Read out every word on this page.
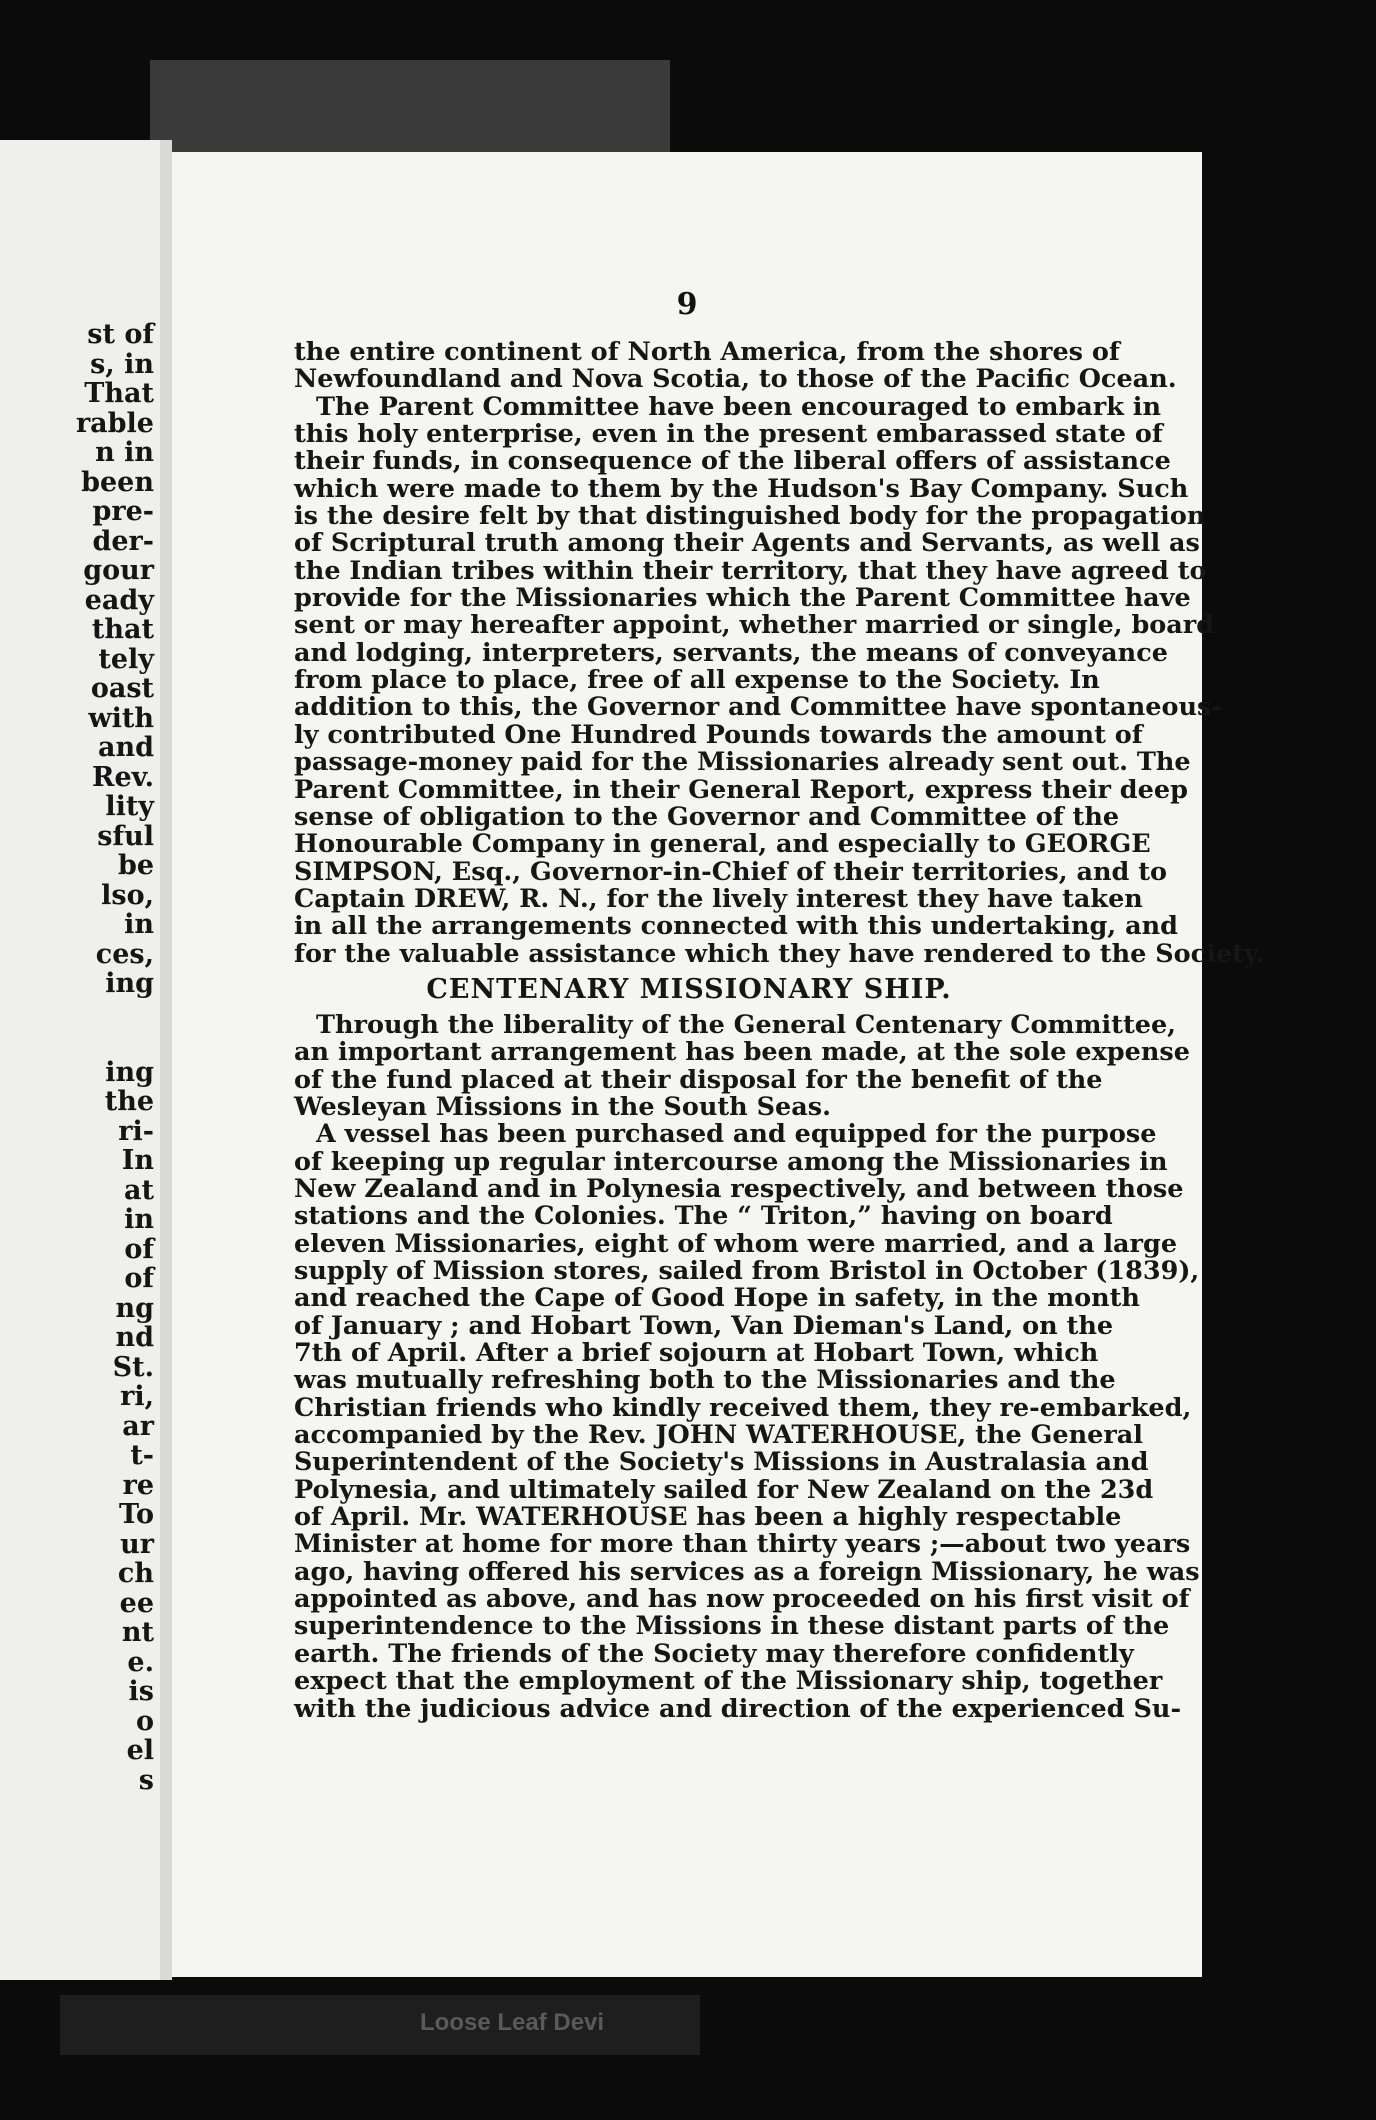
st of
s, in
That
rable
n in
been
pre-
der-
gour
eady
that
tely
oast
with
and
Rev.
lity
sful
be
lso,
in
ces,
ing
ing
the
ri-
In
at
in
of
of
ng
nd
St.
ri,
ar
t-
re
To
ur
ch
ee
nt
e.
is
o
el
s
9
the entire continent of North America, from the shores of
Newfoundland and Nova Scotia, to those of the Pacific Ocean.
The Parent Committee have been encouraged to embark in
this holy enterprise, even in the present embarassed state of
their funds, in consequence of the liberal offers of assistance
which were made to them by the Hudson's Bay Company. Such
is the desire felt by that distinguished body for the propagation
of Scriptural truth among their Agents and Servants, as well as
the Indian tribes within their territory, that they have agreed to
provide for the Missionaries which the Parent Committee have
sent or may hereafter appoint, whether married or single, board
and lodging, interpreters, servants, the means of conveyance
from place to place, free of all expense to the Society. In
addition to this, the Governor and Committee have spontaneous-
ly contributed One Hundred Pounds towards the amount of
passage-money paid for the Missionaries already sent out. The
Parent Committee, in their General Report, express their deep
sense of obligation to the Governor and Committee of the
Honourable Company in general, and especially to GEORGE
SIMPSON, Esq., Governor-in-Chief of their territories, and to
Captain DREW, R. N., for the lively interest they have taken
in all the arrangements connected with this undertaking, and
for the valuable assistance which they have rendered to the Society.
CENTENARY MISSIONARY SHIP.
Through the liberality of the General Centenary Committee,
an important arrangement has been made, at the sole expense
of the fund placed at their disposal for the benefit of the
Wesleyan Missions in the South Seas.
A vessel has been purchased and equipped for the purpose
of keeping up regular intercourse among the Missionaries in
New Zealand and in Polynesia respectively, and between those
stations and the Colonies. The “ Triton,” having on board
eleven Missionaries, eight of whom were married, and a large
supply of Mission stores, sailed from Bristol in October (1839),
and reached the Cape of Good Hope in safety, in the month
of January ; and Hobart Town, Van Dieman's Land, on the
7th of April. After a brief sojourn at Hobart Town, which
was mutually refreshing both to the Missionaries and the
Christian friends who kindly received them, they re-embarked,
accompanied by the Rev. JOHN WATERHOUSE, the General
Superintendent of the Society's Missions in Australasia and
Polynesia, and ultimately sailed for New Zealand on the 23d
of April. Mr. WATERHOUSE has been a highly respectable
Minister at home for more than thirty years ;—about two years
ago, having offered his services as a foreign Missionary, he was
appointed as above, and has now proceeded on his first visit of
superintendence to the Missions in these distant parts of the
earth. The friends of the Society may therefore confidently
expect that the employment of the Missionary ship, together
with the judicious advice and direction of the experienced Su-
Loose Leaf Devi
